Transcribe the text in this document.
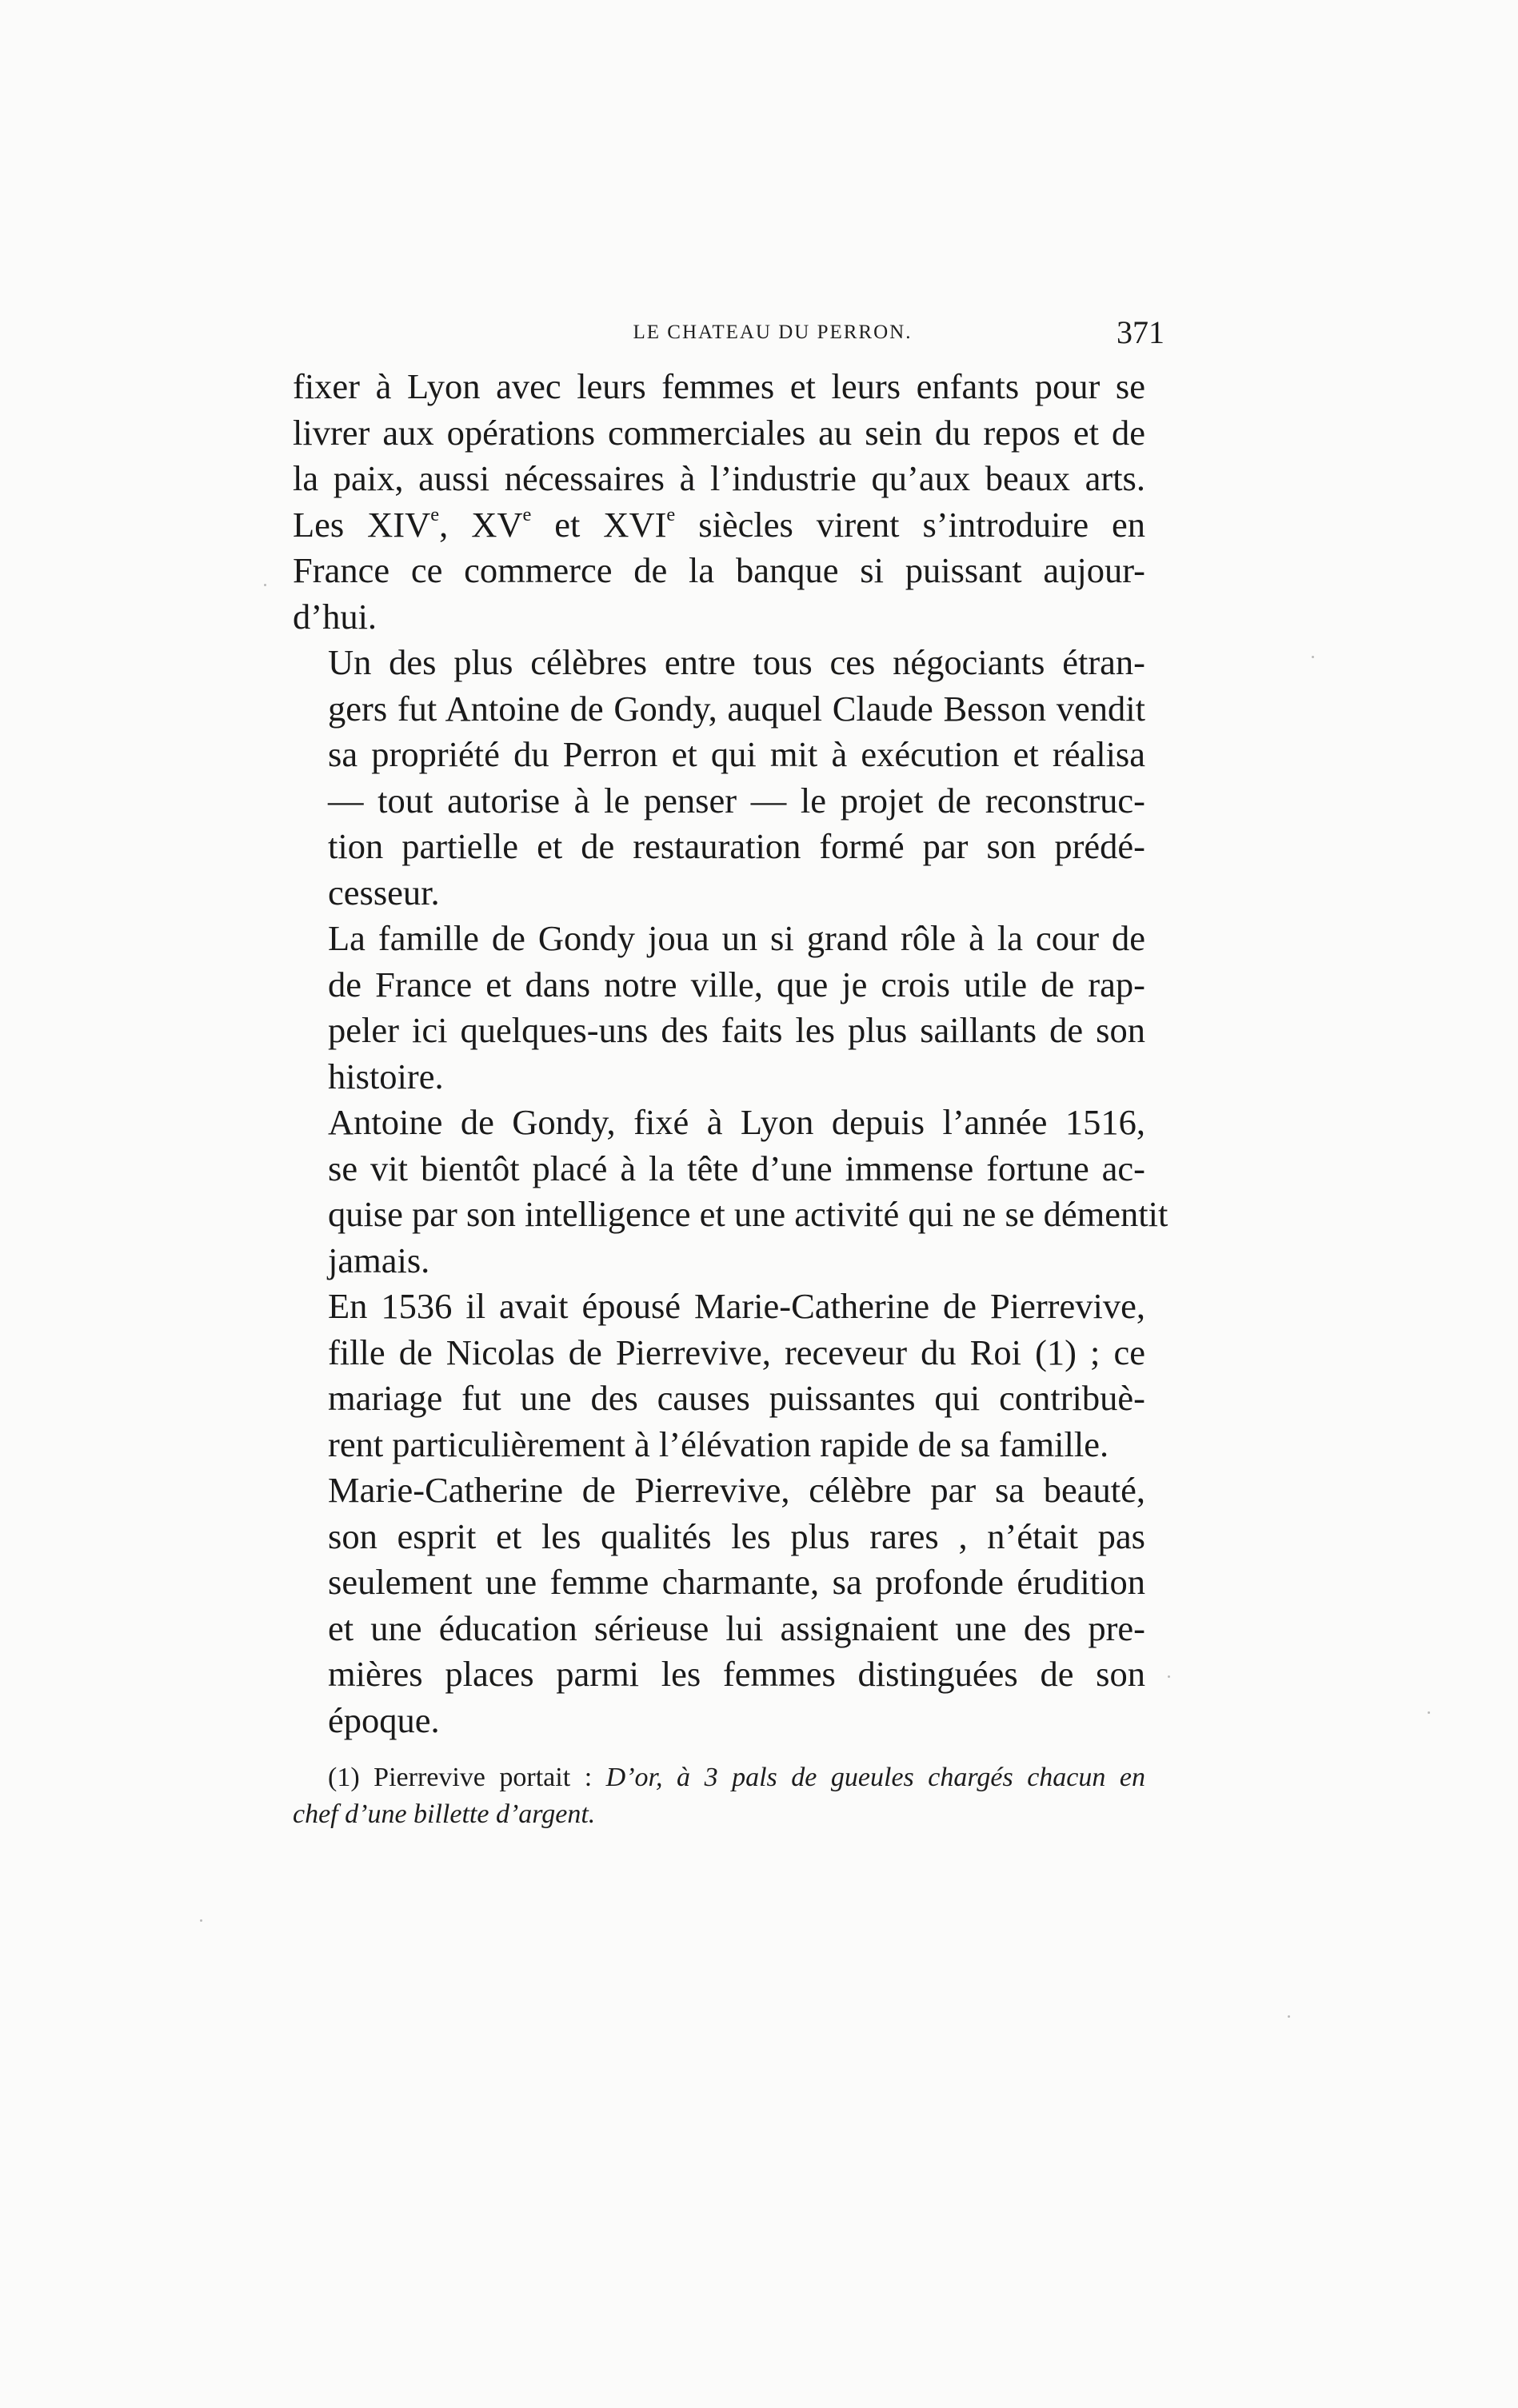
LE CHATEAU DU PERRON.	371
fixer à Lyon avec leurs femmes et leurs enfants pour se
livrer aux opérations commerciales au sein du repos et de
la paix, aussi nécessaires à l’industrie qu’aux beaux arts.
Les XIVe, XVe et XVIe siècles virent s’introduire en
France ce commerce de la banque si puissant aujour-
d’hui.
Un des plus célèbres entre tous ces négociants étran-
gers fut Antoine de Gondy, auquel Claude Besson vendit
sa propriété du Perron et qui mit à exécution et réalisa
— tout autorise à le penser — le projet de reconstruc-
tion partielle et de restauration formé par son prédé-
cesseur.
La famille de Gondy joua un si grand rôle à la cour de
de France et dans notre ville, que je crois utile de rap-
peler ici quelques-uns des faits les plus saillants de son
histoire.
Antoine de Gondy, fixé à Lyon depuis l’année 1516,
se vit bientôt placé à la tête d’une immense fortune ac-
quise par son intelligence et une activité qui ne se démentit
jamais.
En 1536 il avait épousé Marie-Catherine de Pierrevive,
fille de Nicolas de Pierrevive, receveur du Roi (1) ; ce
mariage fut une des causes puissantes qui contribuè-
rent particulièrement à l’élévation rapide de sa famille.
Marie-Catherine de Pierrevive, célèbre par sa beauté,
son esprit et les qualités les plus rares , n’était pas
seulement une femme charmante, sa profonde érudition
et une éducation sérieuse lui assignaient une des pre-
mières places parmi les femmes distinguées de son
époque.
(1) Pierrevive portait : D’or, à 3 pals de gueules chargés chacun en
chef d’une billette d’argent.
